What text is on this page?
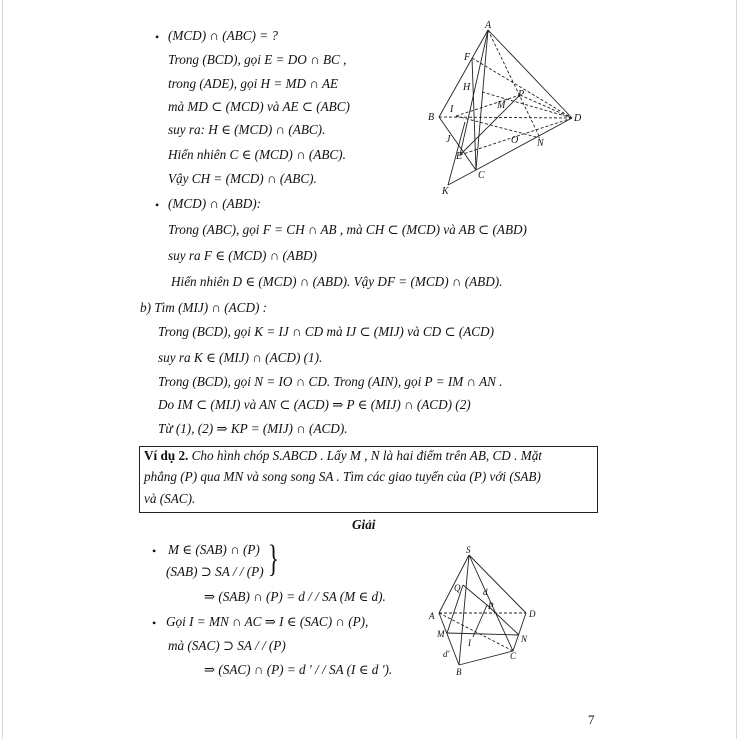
• (MCD) ∩ (ABC) = ?
Trong (BCD), gọi E = DO ∩ BC ,
trong (ADE), gọi H = MD ∩ AE
mà MD ⊂ (MCD) và AE ⊂ (ABC)
suy ra: H ∈ (MCD) ∩ (ABC).
Hiển nhiên C ∈ (MCD) ∩ (ABC).
Vậy CH = (MCD) ∩ (ABC).
• (MCD) ∩ (ABD):
Trong (ABC), gọi F = CH ∩ AB , mà CH ⊂ (MCD) và AB ⊂ (ABD)
suy ra F ∈ (MCD) ∩ (ABD)
Hiển nhiên D ∈ (MCD) ∩ (ABD). Vậy DF = (MCD) ∩ (ABD).
b) Tìm (MIJ) ∩ (ACD) :
Trong (BCD), gọi K = IJ ∩ CD mà IJ ⊂ (MIJ) và CD ⊂ (ACD)
suy ra K ∈ (MIJ) ∩ (ACD) (1).
Trong (BCD), gọi N = IO ∩ CD. Trong (AIN), gọi P = IM ∩ AN .
Do IM ⊂ (MIJ) và AN ⊂ (ACD) ⇒ P ∈ (MIJ) ∩ (ACD) (2)
Từ (1), (2) ⇒ KP = (MIJ) ∩ (ACD).
Ví dụ 2. Cho hình chóp S.ABCD . Lấy M , N là hai điểm trên AB, CD . Mặt
phẳng (P) qua MN và song song SA . Tìm các giao tuyến của (P) với (SAB)
và (SAC).
Giải
• M ∈ (SAB) ∩ (P)
(SAB) ⊃ SA / / (P) }
⇒ (SAB) ∩ (P) = d / / SA (M ∈ d).
• Gọi I = MN ∩ AC ⇒ I ∈ (SAC) ∩ (P),
mà (SAC) ⊃ SA / / (P)
⇒ (SAC) ∩ (P) = d ' / / SA (I ∈ d ').
A
F
H
I
B
M
P
D
O N
J
E
C
K
S
Q	d
P
A	D
M
I	N
d'	C
B
7
